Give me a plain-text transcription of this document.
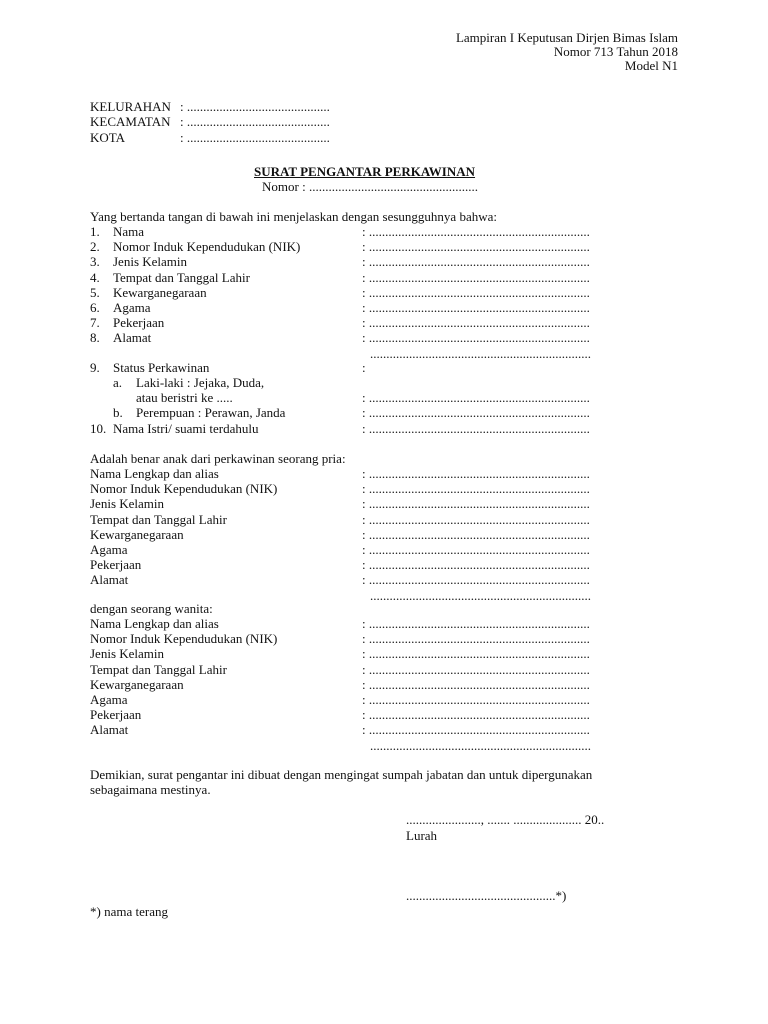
Lampiran I Keputusan Dirjen Bimas Islam
Nomor 713 Tahun 2018
Model N1
KELURAHAN : ............................................
KECAMATAN : ............................................
KOTA	: ............................................
SURAT PENGANTAR PERKAWINAN
Nomor : ....................................................
Yang bertanda tangan di bawah ini menjelaskan dengan sesungguhnya bahwa:
1. Nama	: ....................................................................
2. Nomor Induk Kependudukan (NIK)	: ....................................................................
3. Jenis Kelamin	: ....................................................................
4. Tempat dan Tanggal Lahir	: ....................................................................
5. Kewarganegaraan	: ....................................................................
6. Agama	: ....................................................................
7. Pekerjaan	: ....................................................................
8. Alamat	: ....................................................................
....................................................................
9. Status Perkawinan	:
a. Laki-laki : Jejaka, Duda,
atau beristri ke .....	: ....................................................................
b. Perempuan : Perawan, Janda	: ....................................................................
10. Nama Istri/ suami terdahulu	: ....................................................................
Adalah benar anak dari perkawinan seorang pria:
Nama Lengkap dan alias	: ....................................................................
Nomor Induk Kependudukan (NIK)	: ....................................................................
Jenis Kelamin	: ....................................................................
Tempat dan Tanggal Lahir	: ....................................................................
Kewarganegaraan	: ....................................................................
Agama	: ....................................................................
Pekerjaan	: ....................................................................
Alamat	: ....................................................................
....................................................................
dengan seorang wanita:
Nama Lengkap dan alias	: ....................................................................
Nomor Induk Kependudukan (NIK)	: ....................................................................
Jenis Kelamin	: ....................................................................
Tempat dan Tanggal Lahir	: ....................................................................
Kewarganegaraan	: ....................................................................
Agama	: ....................................................................
Pekerjaan	: ....................................................................
Alamat	: ....................................................................
....................................................................
Demikian, surat pengantar ini dibuat dengan mengingat sumpah jabatan dan untuk dipergunakan
sebagaimana mestinya.
......................., ....... ..................... 20..
Lurah
..............................................*)
*) nama terang
